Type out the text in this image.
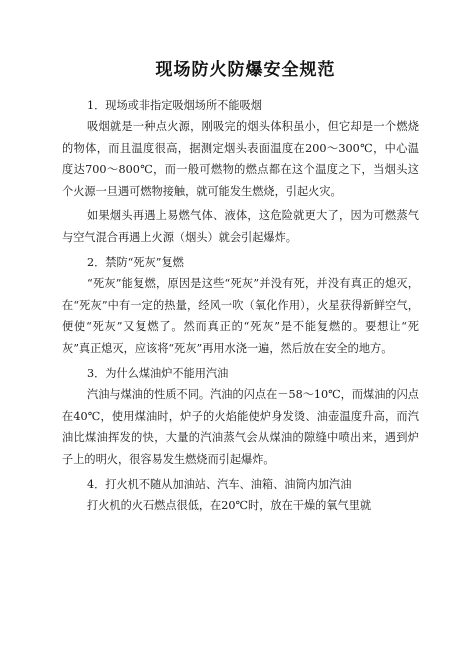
现场防火防爆安全规范

1．现场或非指定吸烟场所不能吸烟

吸烟就是一种点火源，刚吸完的烟头体积虽小，但它却是一个燃烧的物体，而且温度很高，据测定烟头表面温度在200～300℃，中心温度达700～800℃，而一般可燃物的燃点都在这个温度之下，当烟头这个火源一旦遇可燃物接触，就可能发生燃烧，引起火灾。

如果烟头再遇上易燃气体、液体，这危险就更大了，因为可燃蒸气与空气混合再遇上火源（烟头）就会引起爆炸。

2．禁防“死灰”复燃

“死灰”能复燃，原因是这些“死灰”并没有死，并没有真正的熄灭，在“死灰”中有一定的热量，经风一吹（氧化作用），火星获得新鲜空气，便使“死灰”又复燃了。然而真正的“死灰”是不能复燃的。要想让“死灰”真正熄灭，应该将“死灰”再用水浇一遍，然后放在安全的地方。

3．为什么煤油炉不能用汽油

汽油与煤油的性质不同。汽油的闪点在－58～10℃，而煤油的闪点在40℃，使用煤油时，炉子的火焰能使炉身发烫、油壶温度升高，而汽油比煤油挥发的快，大量的汽油蒸气会从煤油的隙缝中喷出来，遇到炉子上的明火，很容易发生燃烧而引起爆炸。

4．打火机不随从加油站、汽车、油箱、油筒内加汽油

打火机的火石燃点很低，在20℃时，放在干燥的氧气里就
